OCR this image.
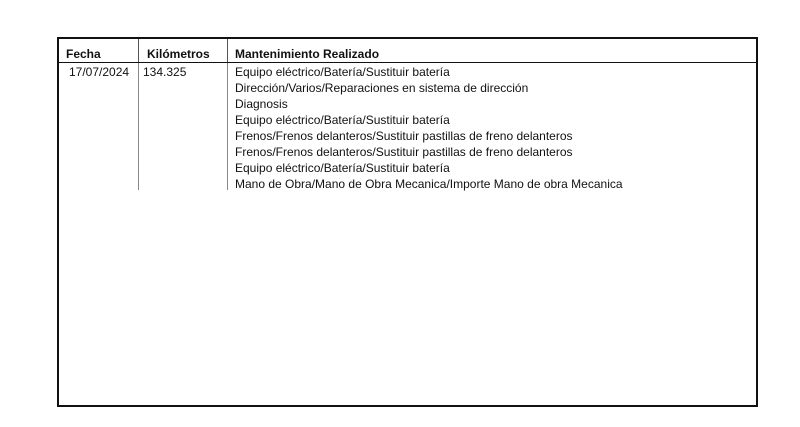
Fecha	Kilómetros Mantenimiento Realizado
17/07/2024 134.325	Equipo eléctrico/Batería/Sustituir batería
Dirección/Varios/Reparaciones en sistema de dirección
Diagnosis
Equipo eléctrico/Batería/Sustituir batería
Frenos/Frenos delanteros/Sustituir pastillas de freno delanteros
Frenos/Frenos delanteros/Sustituir pastillas de freno delanteros
Equipo eléctrico/Batería/Sustituir batería
Mano de Obra/Mano de Obra Mecanica/Importe Mano de obra Mecanica
